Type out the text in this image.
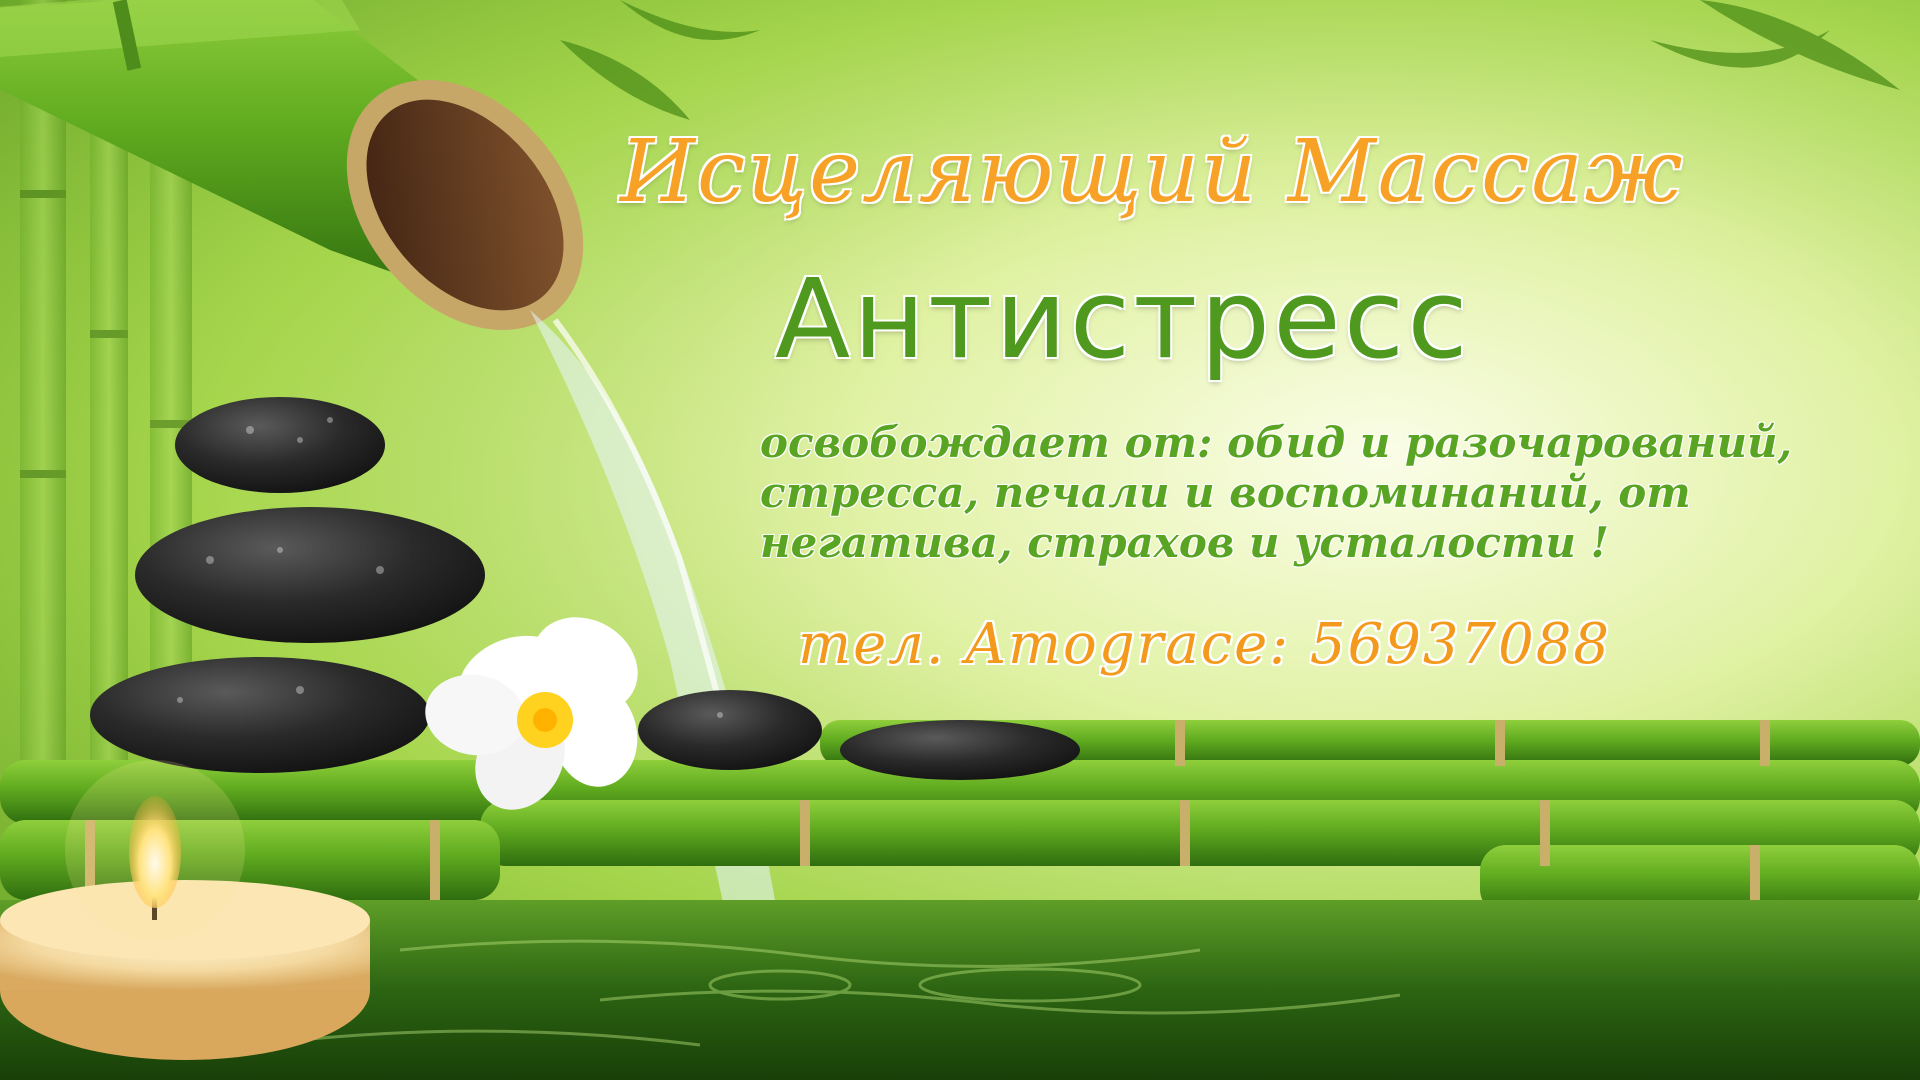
Исцеляющий Массаж

Антистресс

освобождает от: обид и разочарований,
стресса, печали и воспоминаний, от
негатива, страхов и усталости !

тел. Amograce: 56937088
